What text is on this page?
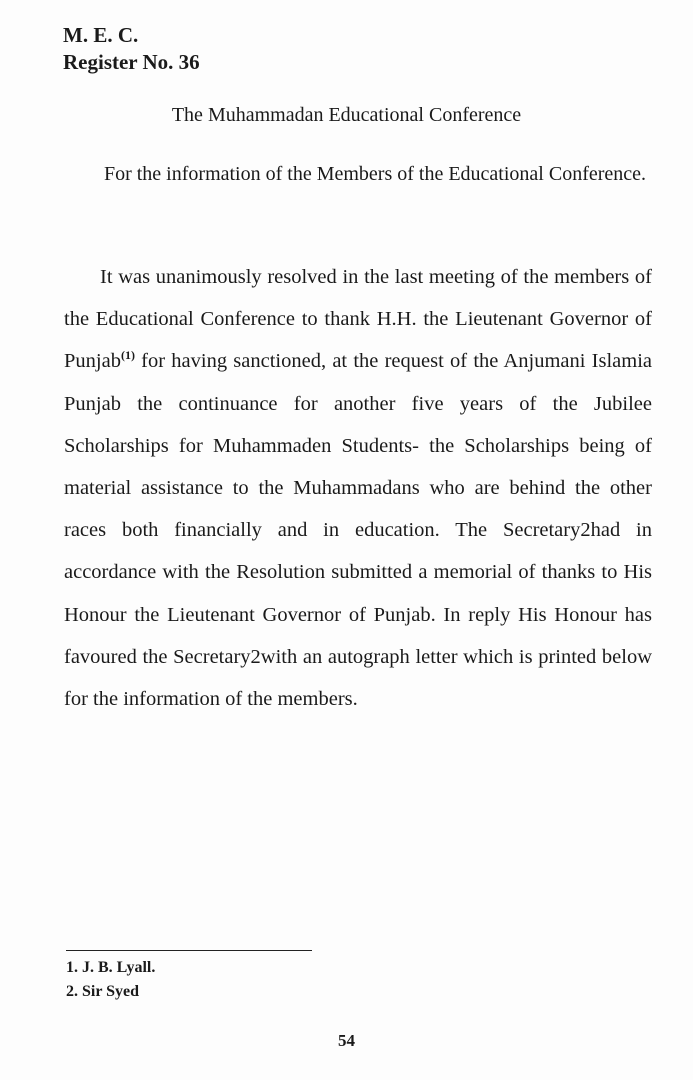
M. E. C.
Register No. 36
The Muhammadan Educational Conference
For the information of the Members of the Educational Conference.

It was unanimously resolved in the last meeting of the members of the Educational Conference to thank H.H. the Lieutenant Governor of Punjab$^{(1)}$ for having sanctioned, at the request of the Anjumani Islamia Punjab the continuance for another five years of the Jubilee Scholarships for Muhammaden Students- the Scholarships being of material assistance to the Muhammadans who are behind the other races both financially and in education. The Secretary2had in accordance with the Resolution submitted a memorial of thanks to His Honour the Lieutenant Governor of Punjab. In reply His Honour has favoured the Secretary2with an autograph letter which is printed below for the information of the members.

1. J. B. Lyall.
2. Sir Syed
54
